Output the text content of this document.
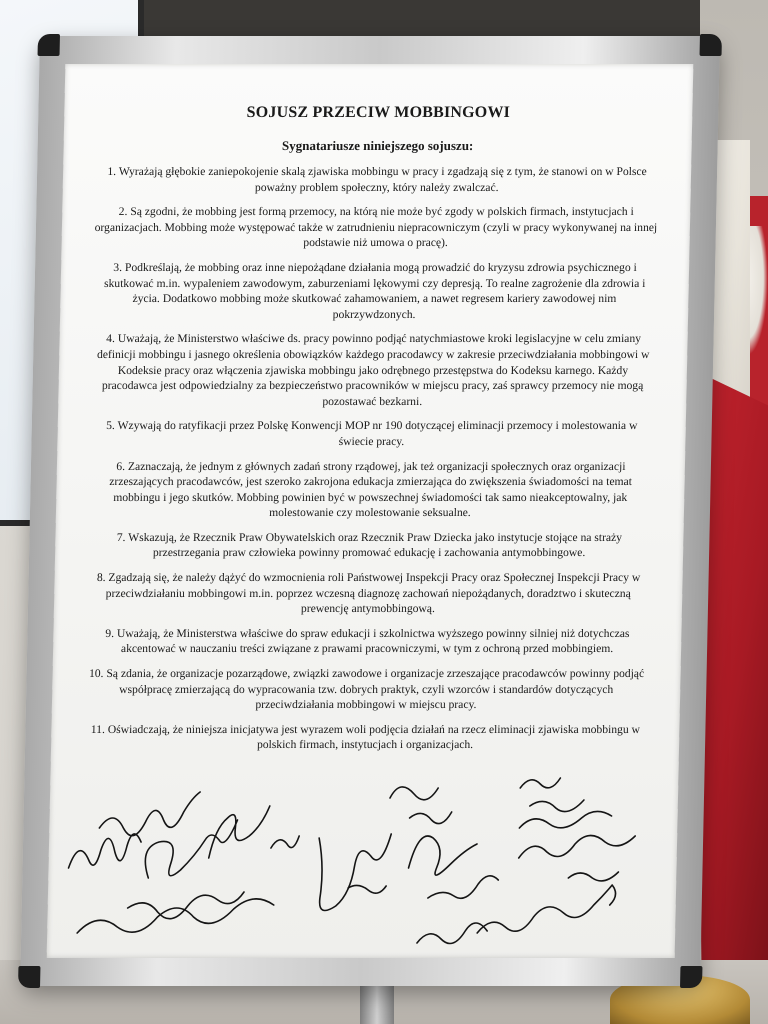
SOJUSZ PRZECIW MOBBINGOWI
Sygnatariusze niniejszego sojuszu:

1. Wyrażają głębokie zaniepokojenie skalą zjawiska mobbingu w pracy i zgadzają się z tym, że stanowi on w Polsce poważny problem społeczny, który należy zwalczać.

2. Są zgodni, że mobbing jest formą przemocy, na którą nie może być zgody w polskich firmach, instytucjach i organizacjach. Mobbing może występować także w zatrudnieniu niepracowniczym (czyli w pracy wykonywanej na innej podstawie niż umowa o pracę).

3. Podkreślają, że mobbing oraz inne niepożądane działania mogą prowadzić do kryzysu zdrowia psychicznego i skutkować m.in. wypaleniem zawodowym, zaburzeniami lękowymi czy depresją. To realne zagrożenie dla zdrowia i życia. Dodatkowo mobbing może skutkować zahamowaniem, a nawet regresem kariery zawodowej nim pokrzywdzonych.

4. Uważają, że Ministerstwo właściwe ds. pracy powinno podjąć natychmiastowe kroki legislacyjne w celu zmiany definicji mobbingu i jasnego określenia obowiązków każdego pracodawcy w zakresie przeciwdziałania mobbingowi w Kodeksie pracy oraz włączenia zjawiska mobbingu jako odrębnego przestępstwa do Kodeksu karnego. Każdy pracodawca jest odpowiedzialny za bezpieczeństwo pracowników w miejscu pracy, zaś sprawcy przemocy nie mogą pozostawać bezkarni.

5. Wzywają do ratyfikacji przez Polskę Konwencji MOP nr 190 dotyczącej eliminacji przemocy i molestowania w świecie pracy.

6. Zaznaczają, że jednym z głównych zadań strony rządowej, jak też organizacji społecznych oraz organizacji zrzeszających pracodawców, jest szeroko zakrojona edukacja zmierzająca do zwiększenia świadomości na temat mobbingu i jego skutków. Mobbing powinien być w powszechnej świadomości tak samo nieakceptowalny, jak molestowanie czy molestowanie seksualne.

7. Wskazują, że Rzecznik Praw Obywatelskich oraz Rzecznik Praw Dziecka jako instytucje stojące na straży przestrzegania praw człowieka powinny promować edukację i zachowania antymobbingowe.

8. Zgadzają się, że należy dążyć do wzmocnienia roli Państwowej Inspekcji Pracy oraz Społecznej Inspekcji Pracy w przeciwdziałaniu mobbingowi m.in. poprzez wczesną diagnozę zachowań niepożądanych, doradztwo i skuteczną prewencję antymobbingową.

9. Uważają, że Ministerstwa właściwe do spraw edukacji i szkolnictwa wyższego powinny silniej niż dotychczas akcentować w nauczaniu treści związane z prawami pracowniczymi, w tym z ochroną przed mobbingiem.

10. Są zdania, że organizacje pozarządowe, związki zawodowe i organizacje zrzeszające pracodawców powinny podjąć współpracę zmierzającą do wypracowania tzw. dobrych praktyk, czyli wzorców i standardów dotyczących przeciwdziałania mobbingowi w miejscu pracy.

11. Oświadczają, że niniejsza inicjatywa jest wyrazem woli podjęcia działań na rzecz eliminacji zjawiska mobbingu w polskich firmach, instytucjach i organizacjach.
